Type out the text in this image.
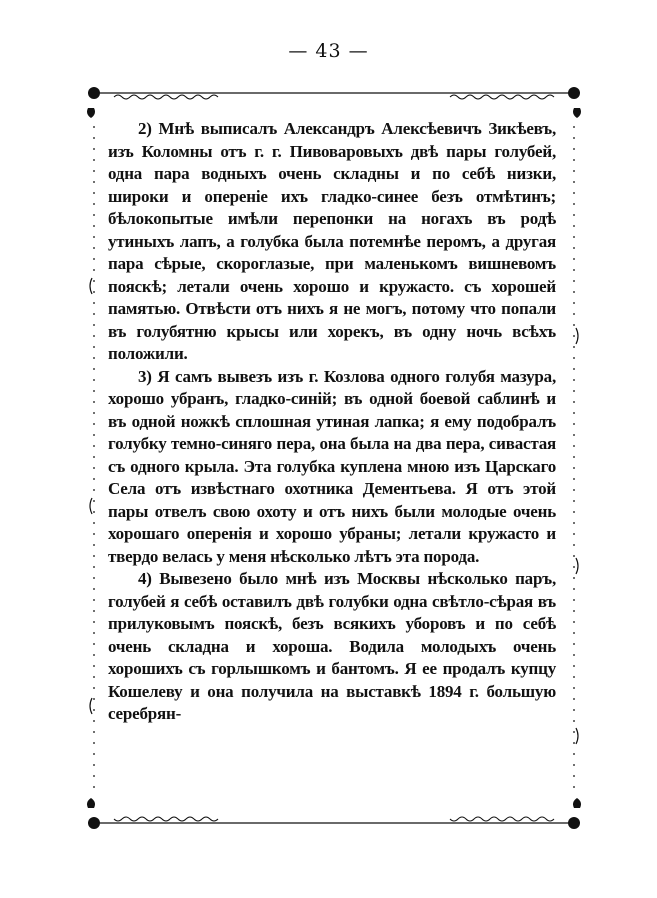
— 43 —

2) Мнѣ выписалъ Александръ Алексѣевичъ Зикѣевъ, изъ Коломны отъ г. г. Пивоваровыхъ двѣ пары голубей, одна пара водныхъ очень складны и по себѣ низки, широки и опереніе ихъ гладко-синее безъ отмѣтинъ; бѣлокопытые имѣли перепонки на ногахъ въ родѣ утиныхъ лапъ, а голубка была потемнѣе перомъ, а другая пара сѣрые, скороглазые, при маленькомъ вишневомъ пояскѣ; летали очень хорошо и кружасто. съ хорошей памятью. Отвѣсти отъ нихъ я не могъ, потому что попали въ голубятню крысы или хорекъ, въ одну ночь всѣхъ положили.

3) Я самъ вывезъ изъ г. Козлова одного голубя мазура, хорошо убранъ, гладко-синій; въ одной боевой саблинѣ и въ одной ножкѣ сплошная утиная лапка; я ему подобралъ голубку темно-синяго пера, она была на два пера, сивастая съ одного крыла. Эта голубка куплена мною изъ Царскаго Села отъ извѣстнаго охотника Дементьева. Я отъ этой пары отвелъ свою охоту и отъ нихъ были молодые очень хорошаго оперенія и хорошо убраны; летали кружасто и твердо велась у меня нѣсколько лѣтъ эта порода.

4) Вывезено было мнѣ изъ Москвы нѣсколько паръ, голубей я себѣ оставилъ двѣ голубки одна свѣтло-сѣрая въ прилуковымъ пояскѣ, безъ всякихъ уборовъ и по себѣ очень складна и хороша. Водила молодыхъ очень хорошихъ съ горлышкомъ и бантомъ. Я ее продалъ купцу Кошелеву и она получила на выставкѣ 1894 г. большую серебрян-
